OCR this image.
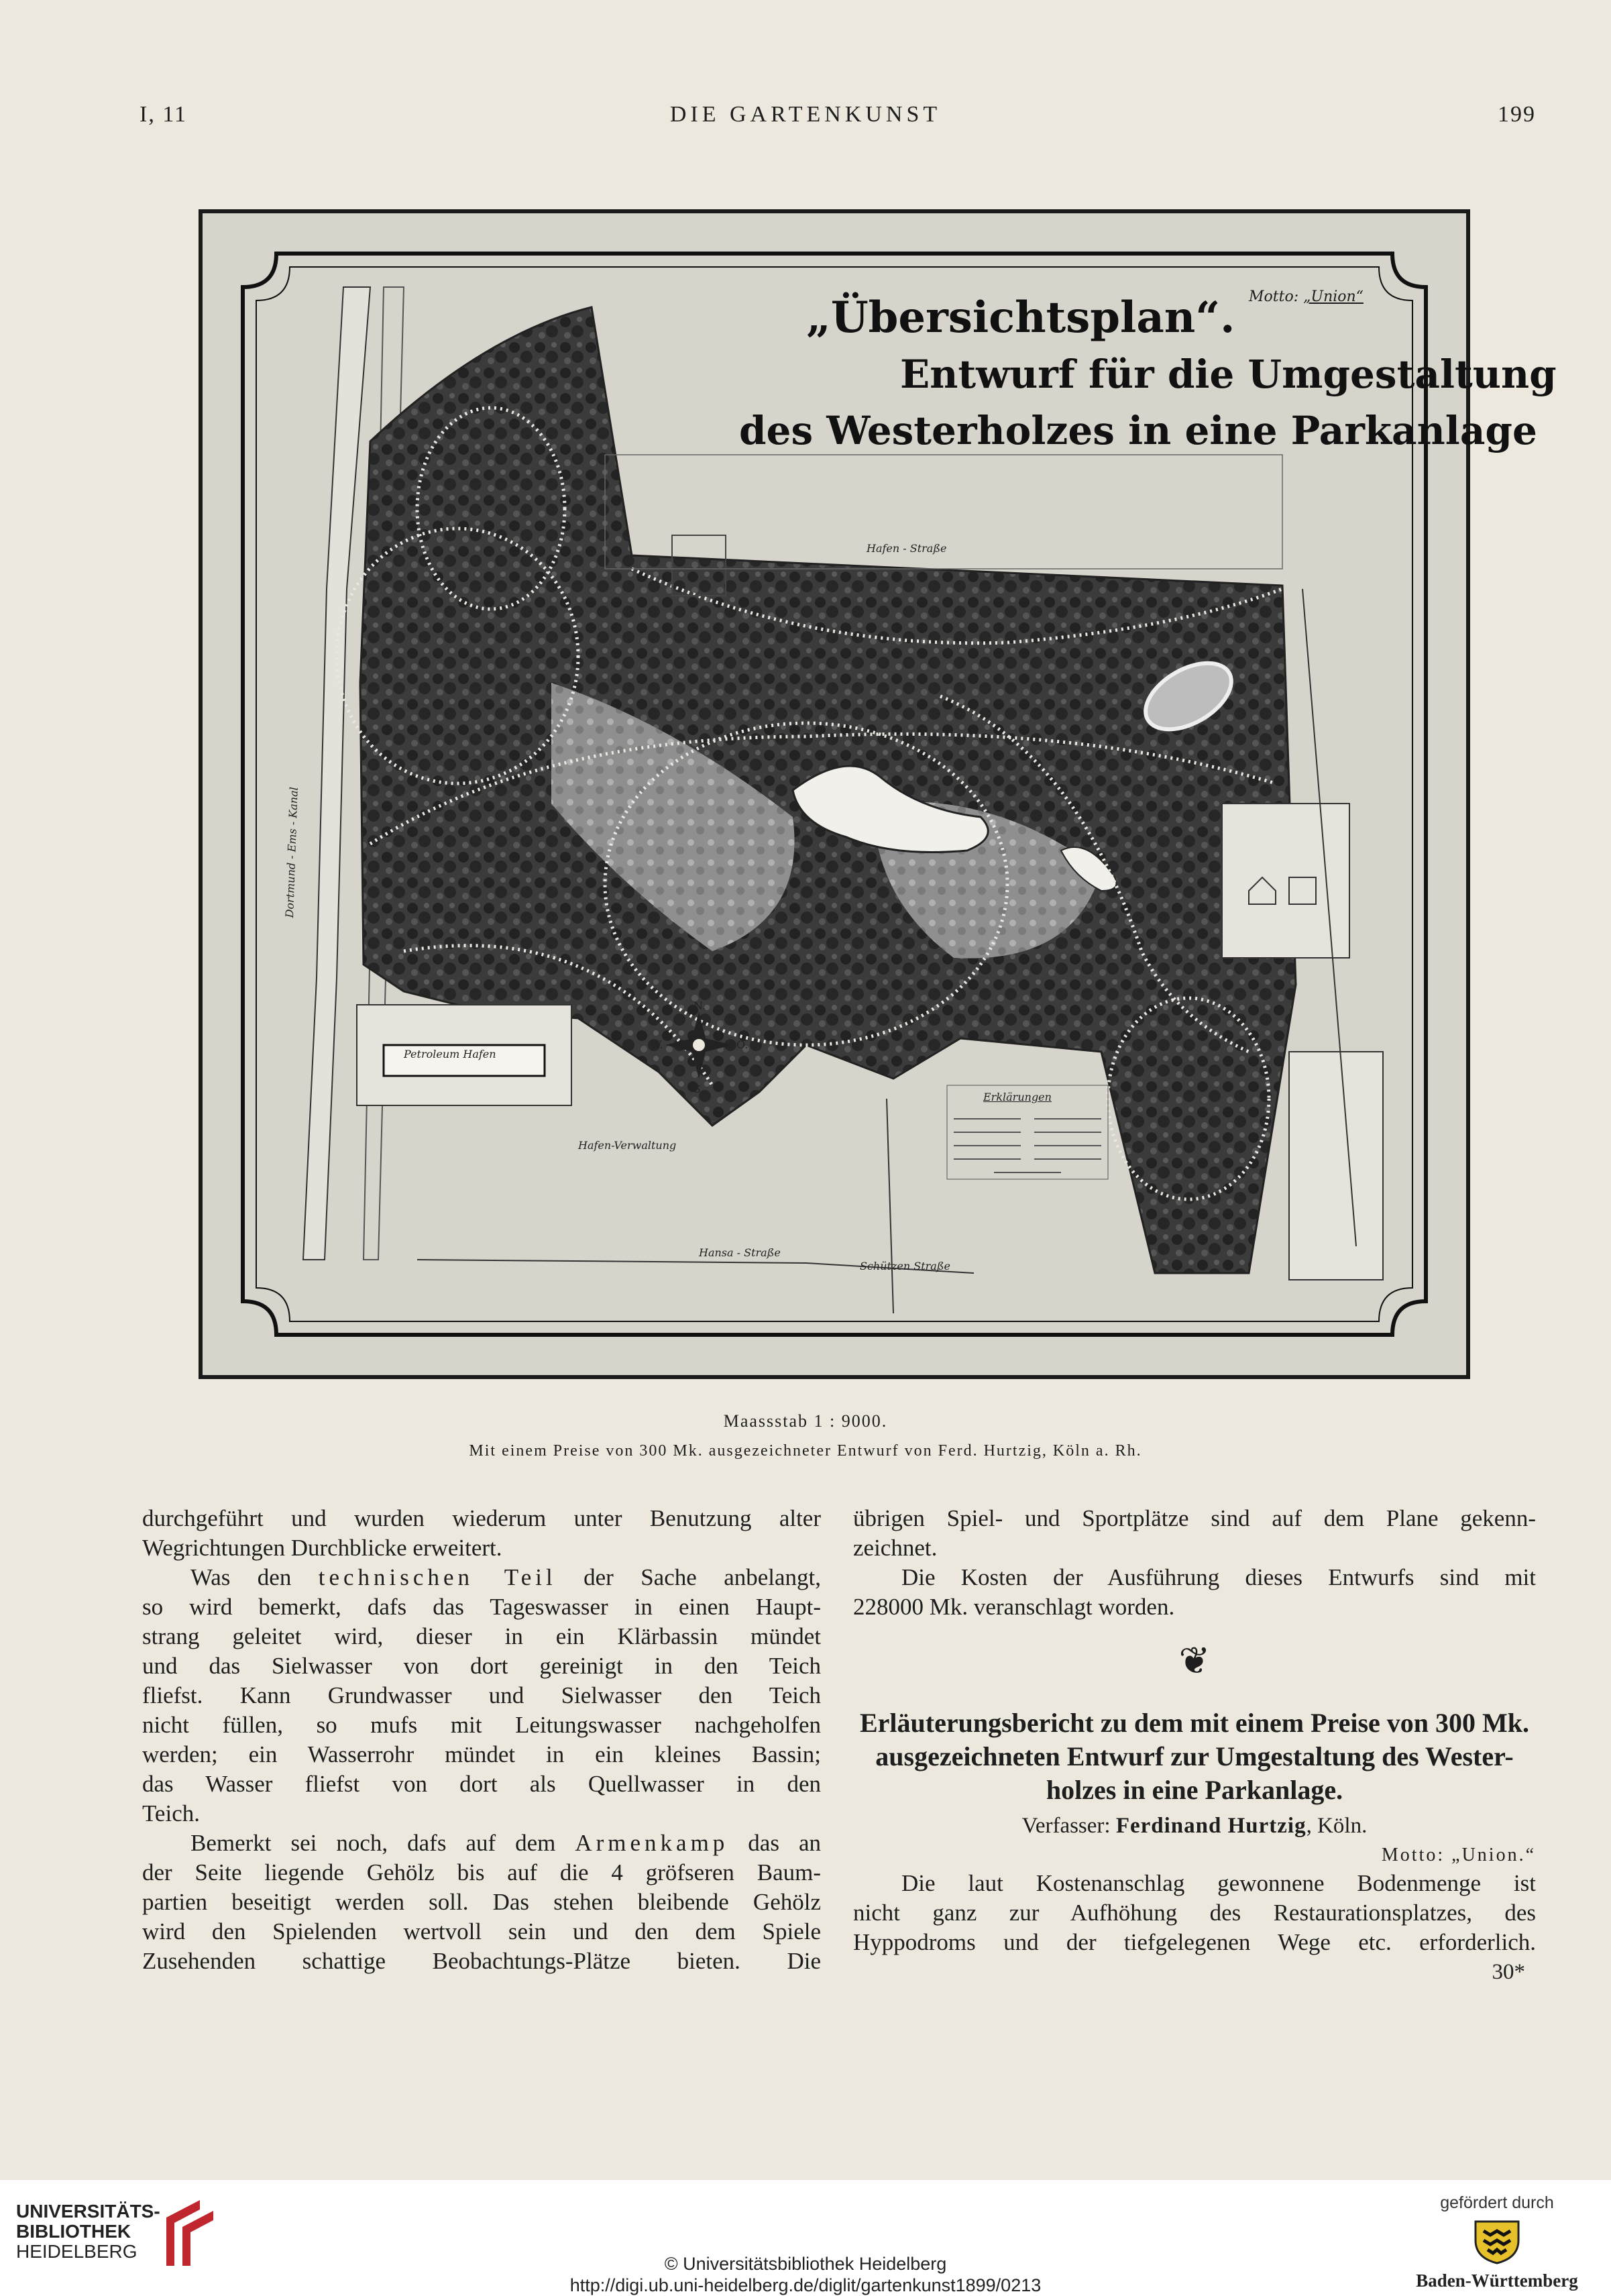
I, 11	DIE GARTENKUNST	199
„Übersichtsplan“.
Entwurf für die Umgestaltung
des Westerholzes in eine Parkanlage
Motto: „Union“
Dortmund - Ems - Kanal
Petroleum Hafen
Hafen-Verwaltung
Hansa - Straße
Schützen Straße
Hafen - Straße
Erklärungen
N.
S.
W.	O.
Maassstab 1 : 9000.
Mit einem Preise von 300 Mk. ausgezeichneter Entwurf von Ferd. Hurtzig, Köln a. Rh.
durchgeführt und wurden wiederum unter Benutzung alter
Wegrichtungen Durchblicke erweitert.
Was den technischen Teil der Sache anbelangt,
so wird bemerkt, dafs das Tageswasser in einen Haupt-
strang geleitet wird, dieser in ein Klärbassin mündet
und das Sielwasser von dort gereinigt in den Teich
fliefst. Kann Grundwasser und Sielwasser den Teich
nicht füllen, so mufs mit Leitungswasser nachgeholfen
werden; ein Wasserrohr mündet in ein kleines Bassin;
das Wasser fliefst von dort als Quellwasser in den
Teich.
Bemerkt sei noch, dafs auf dem Armenkamp das an
der Seite liegende Gehölz bis auf die 4 gröfseren Baum-
partien beseitigt werden soll. Das stehen bleibende Gehölz
wird den Spielenden wertvoll sein und den dem Spiele
Zusehenden schattige Beobachtungs-Plätze bieten. Die
übrigen Spiel- und Sportplätze sind auf dem Plane gekenn-
zeichnet.
Die Kosten der Ausführung dieses Entwurfs sind mit
228000 Mk. veranschlagt worden.
❦
Erläuterungsbericht zu dem mit einem Preise von 300 Mk.
ausgezeichneten Entwurf zur Umgestaltung des Wester-
holzes in eine Parkanlage.
Verfasser: Ferdinand Hurtzig, Köln.
Motto: „Union.“
Die laut Kostenanschlag gewonnene Bodenmenge ist
nicht ganz zur Aufhöhung des Restaurationsplatzes, des
Hyppodroms und der tiefgelegenen Wege etc. erforderlich.
30*
UNIVERSITÄTS-
BIBLIOTHEK
HEIDELBERG
© Universitätsbibliothek Heidelberg
http://digi.ub.uni-heidelberg.de/diglit/gartenkunst1899/0213
gefördert durch
Baden-Württemberg
